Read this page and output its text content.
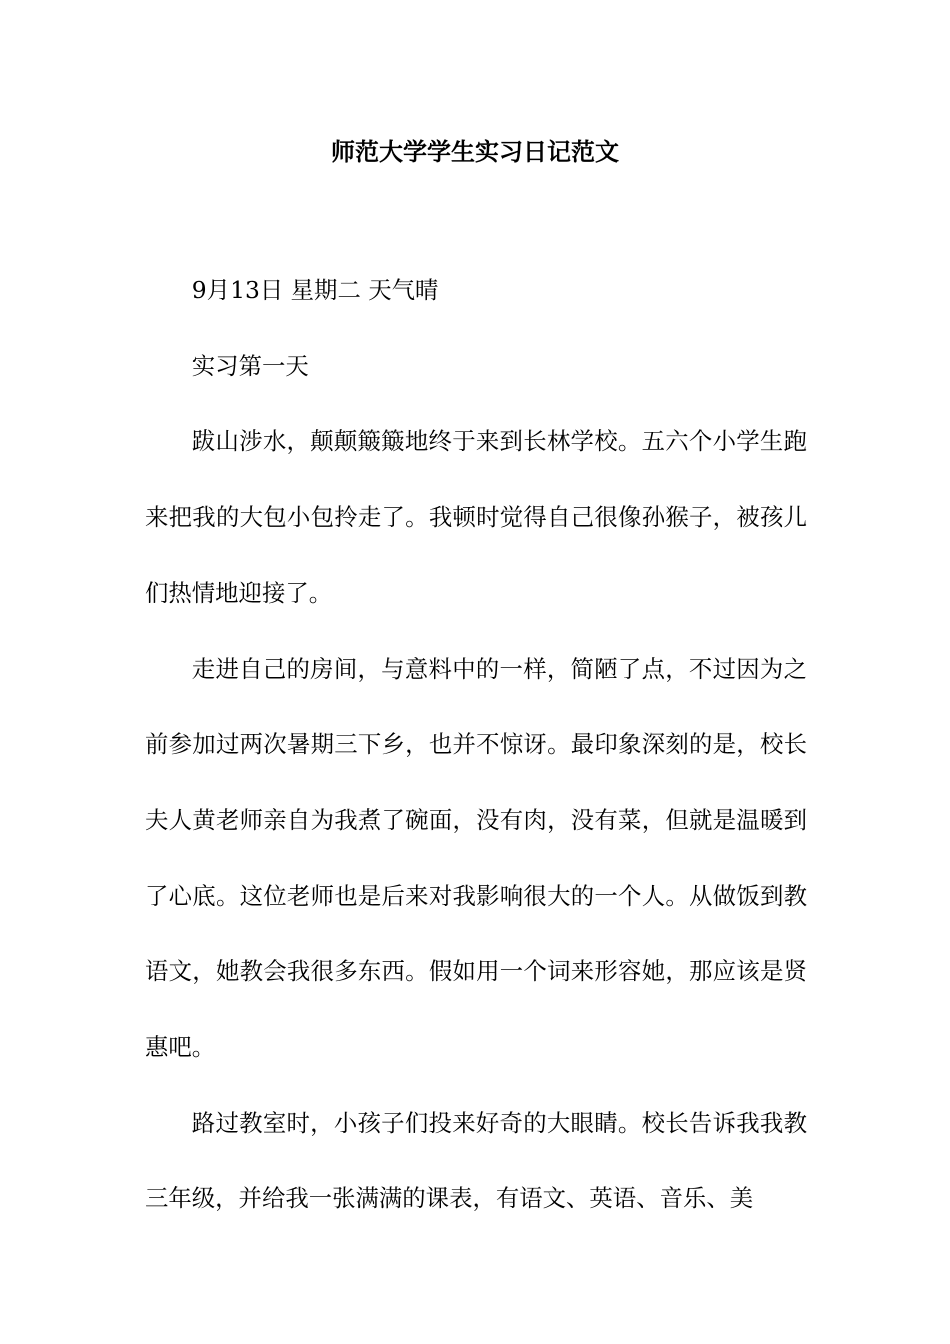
师范大学学生实习日记范文

9月13日 星期二 天气晴

实习第一天

跋山涉水，颠颠簸簸地终于来到长林学校。五六个小学生跑来把我的大包小包拎走了。我顿时觉得自己很像孙猴子，被孩儿们热情地迎接了。

走进自己的房间，与意料中的一样，简陋了点，不过因为之前参加过两次暑期三下乡，也并不惊讶。最印象深刻的是，校长夫人黄老师亲自为我煮了碗面，没有肉，没有菜，但就是温暖到了心底。这位老师也是后来对我影响很大的一个人。从做饭到教语文，她教会我很多东西。假如用一个词来形容她，那应该是贤惠吧。

路过教室时，小孩子们投来好奇的大眼睛。校长告诉我我教三年级，并给我一张满满的课表，有语文、英语、音乐、美
